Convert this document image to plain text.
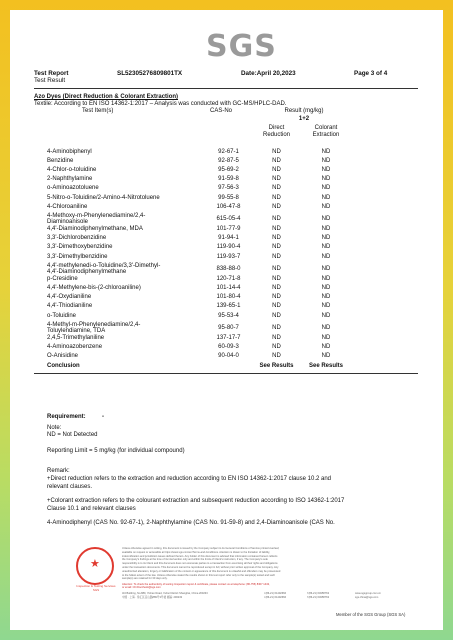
SGS
Test Report	SL52305276809801TX	Date:April 20,2023	Page 3 of 4
Test Result
Azo Dyes (Direct Reduction & Colorant Extraction)
Textile: According to EN ISO 14362-1:2017 – Analysis was conducted with GC-MS/HPLC-DAD.
Test Item(s)	CAS-No	Result (mg/kg)
1+2
Direct
Reduction
Colorant
Extraction
4-Aminobiphenyl	92-67-1	ND	ND
Benzidine	92-87-5	ND	ND
4-Chlor-o-toluidine	95-69-2	ND	ND
2-Naphthylamine	91-59-8	ND	ND
o-Aminoazotoluene	97-56-3	ND	ND
5-Nitro-o-Toluidine/2-Amino-4-Nitrotoluene	99-55-8	ND	ND
4-Chloroaniline	106-47-8	ND	ND
4-Methoxy-m-Phenylenediamine/2,4-
Diaminoanisole
615-05-4	ND	ND
4,4'-Diaminodiphenylmethane, MDA	101-77-9	ND	ND
3,3'-Dichlorobenzidine	91-94-1	ND	ND
3,3'-Dimethoxybenzidine	119-90-4	ND	ND
3,3'-Dimethylbenzidine	119-93-7	ND	ND
4,4'-methylenedi-o-Toluidine/3,3'-Dimethyl-
4,4'-Diaminodiphenylmethane
838-88-0	ND	ND
p-Cresidine	120-71-8	ND	ND
4,4'-Methylene-bis-(2-chloroaniline)	101-14-4	ND	ND
4,4'-Oxydianiline	101-80-4	ND	ND
4,4'-Thiodianiline	139-65-1	ND	ND
o-Toluidine	95-53-4	ND	ND
4-Methyl-m-Phenylenediamine/2,4-
Toluylendiamine, TDA
95-80-7	ND	ND
2,4,5-Trimethylaniline	137-17-7	ND	ND
4-Aminoazobenzene	60-09-3	ND	ND
O-Anisidine	90-04-0	ND	ND
Conclusion	See Results	See Results
Requirement:	-
Note:
ND = Not Detected
Reporting Limit = 5 mg/kg (for individual compound)
Remark:
+Direct reduction refers to the extraction and reduction according to EN ISO 14362-1:2017 clause 10.2 and
relevant clauses.
+Colorant extraction refers to the colourant extraction and subsequent reduction according to ISO 14362-1:2017
Clause 10.1 and relevant clauses
4-Aminodiphenyl (CAS No. 92-67-1), 2-Naphthylamine (CAS No. 91-59-8) and 2,4-Diaminoanisole (CAS No.
★
Inspection & Testing Services
SGS
Unless otherwise agreed in writing, this document is issued by the Company subject to its General Conditions of Service printed overleaf,
available on request or accessible at https://www.sgs.com/en/Terms-and-Conditions. Attention is drawn to the limitation of liability,
indemnification and jurisdiction issues defined therein. Any holder of this document is advised that information contained hereon reflects
the Company's findings at the time of its intervention only and within the limits of Client's instruction, if any. The Company's sole
responsibility is to its Client and this document does not exonerate parties to a transaction from exercising all their rights and obligations
under the transaction documents. This document cannot be reproduced except in full, without prior written approval of the Company. Any
unauthorized alteration, forgery or falsification of the content or appearance of this document is unlawful and offenders may be prosecuted
to the fullest extent of the law. Unless otherwise stated the results shown in this test report refer only to the sample(s) tested and such
sample(s) are retained for 30 days only.
Attention: To check the authenticity of testing /inspection report & certificate, please contact us at telephone: (86-755) 8307 1443,
or email: CN.Doccheck@sgs.com
3rd Building, No.889, Yishan Road, Xuhui District Shanghai, China 200233
中国 · 上海 · 徐汇区宜山路889号3号楼 邮编: 200233
t (86-21) 61402666
t (86-21) 61402666
f (86-21) 64958763
f (86-21) 64958763
www.sgsgroup.com.cn
sgs.china@sgs.com
Member of the SGS Group (SGS SA)
